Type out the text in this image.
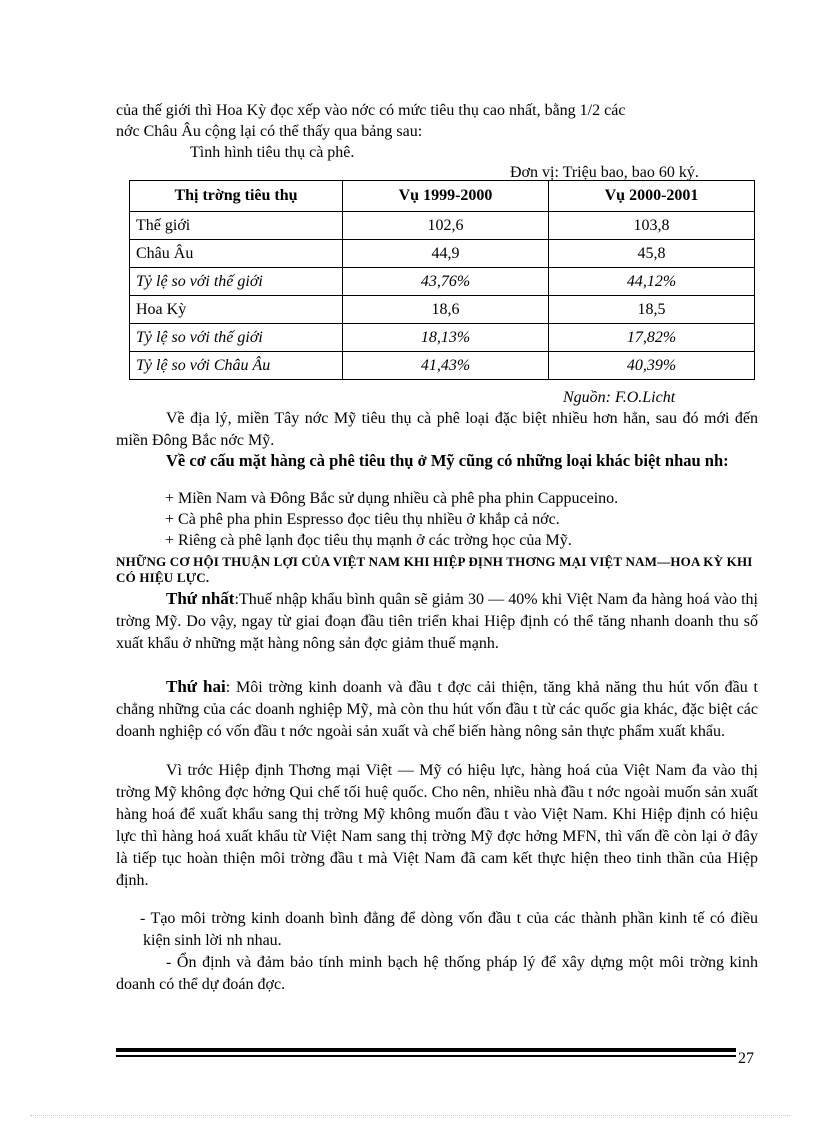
của thế giới thì Hoa Kỳ đọc xếp vào nớc có mức tiêu thụ cao nhất, bằng 1/2 các
nớc Châu Âu cộng lại có thể thấy qua bảng sau:
Tình hình tiêu thụ cà phê.
Đơn vị: Triệu bao, bao 60 ký.
Thị trờng tiêu thụ	Vụ 1999-2000	Vụ 2000-2001
Thế giới	102,6	103,8
Châu Âu	44,9	45,8
Tỷ lệ so với thế giới	43,76%	44,12%
Hoa Kỳ	18,6	18,5
Tỷ lệ so với thế giới	18,13%	17,82%
Tỷ lệ so với Châu Âu	41,43%	40,39%
Nguồn: F.O.Licht
Về địa lý, miền Tây nớc Mỹ tiêu thụ cà phê loại đặc biệt nhiều hơn hẳn, sau đó mới đến miền Đông Bắc nớc Mỹ.
Về cơ cấu mặt hàng cà phê tiêu thụ ở Mỹ cũng có những loại khác biệt nhau nh:
+ Miền Nam và Đông Bắc sử dụng nhiều cà phê pha phin Cappuceino.
+ Cà phê pha phin Espresso đọc tiêu thụ nhiều ở khắp cả nớc.
+ Riêng cà phê lạnh đọc tiêu thụ mạnh ở các trờng học của Mỹ.
NHỮNG CƠ HỘI THUẬN LỢI CỦA VIỆT NAM KHI HIỆP ĐỊNH THƠNG MẠI VIỆT NAM—HOA KỲ KHI CÓ HIỆU LỰC.
Thứ nhất:Thuế nhập khẩu bình quân sẽ giảm 30 — 40% khi Việt Nam đa hàng hoá vào thị trờng Mỹ. Do vậy, ngay từ giai đoạn đầu tiên triển khai Hiệp định có thể tăng nhanh doanh thu số xuất khẩu ở những mặt hàng nông sản đợc giảm thuế mạnh.
Thứ hai: Môi trờng kinh doanh và đầu t đợc cải thiện, tăng khả năng thu hút vốn đầu t chẳng những của các doanh nghiệp Mỹ, mà còn thu hút vốn đầu t từ các quốc gia khác, đặc biệt các doanh nghiệp có vốn đầu t nớc ngoài sản xuất và chế biến hàng nông sản thực phẩm xuất khẩu.
Vì trớc Hiệp định Thơng mại Việt — Mỹ có hiệu lực, hàng hoá của Việt Nam đa vào thị trờng Mỹ không đợc hởng Qui chế tối huệ quốc. Cho nên, nhiều nhà đầu t nớc ngoài muốn sản xuất hàng hoá để xuất khẩu sang thị trờng Mỹ không muốn đầu t vào Việt Nam. Khi Hiệp định có hiệu lực thì hàng hoá xuất khẩu từ Việt Nam sang thị trờng Mỹ đợc hởng MFN, thì vấn đề còn lại ở đây là tiếp tục hoàn thiện môi trờng đầu t mà Việt Nam đã cam kết thực hiện theo tinh thần của Hiệp định.
- Tạo môi trờng kinh doanh bình đẳng để dòng vốn đầu t của các thành phần kinh tế có điều kiện sinh lời nh nhau.
- Ổn định và đảm bảo tính minh bạch hệ thống pháp lý để xây dựng một môi trờng kinh doanh có thể dự đoán đợc.
27
